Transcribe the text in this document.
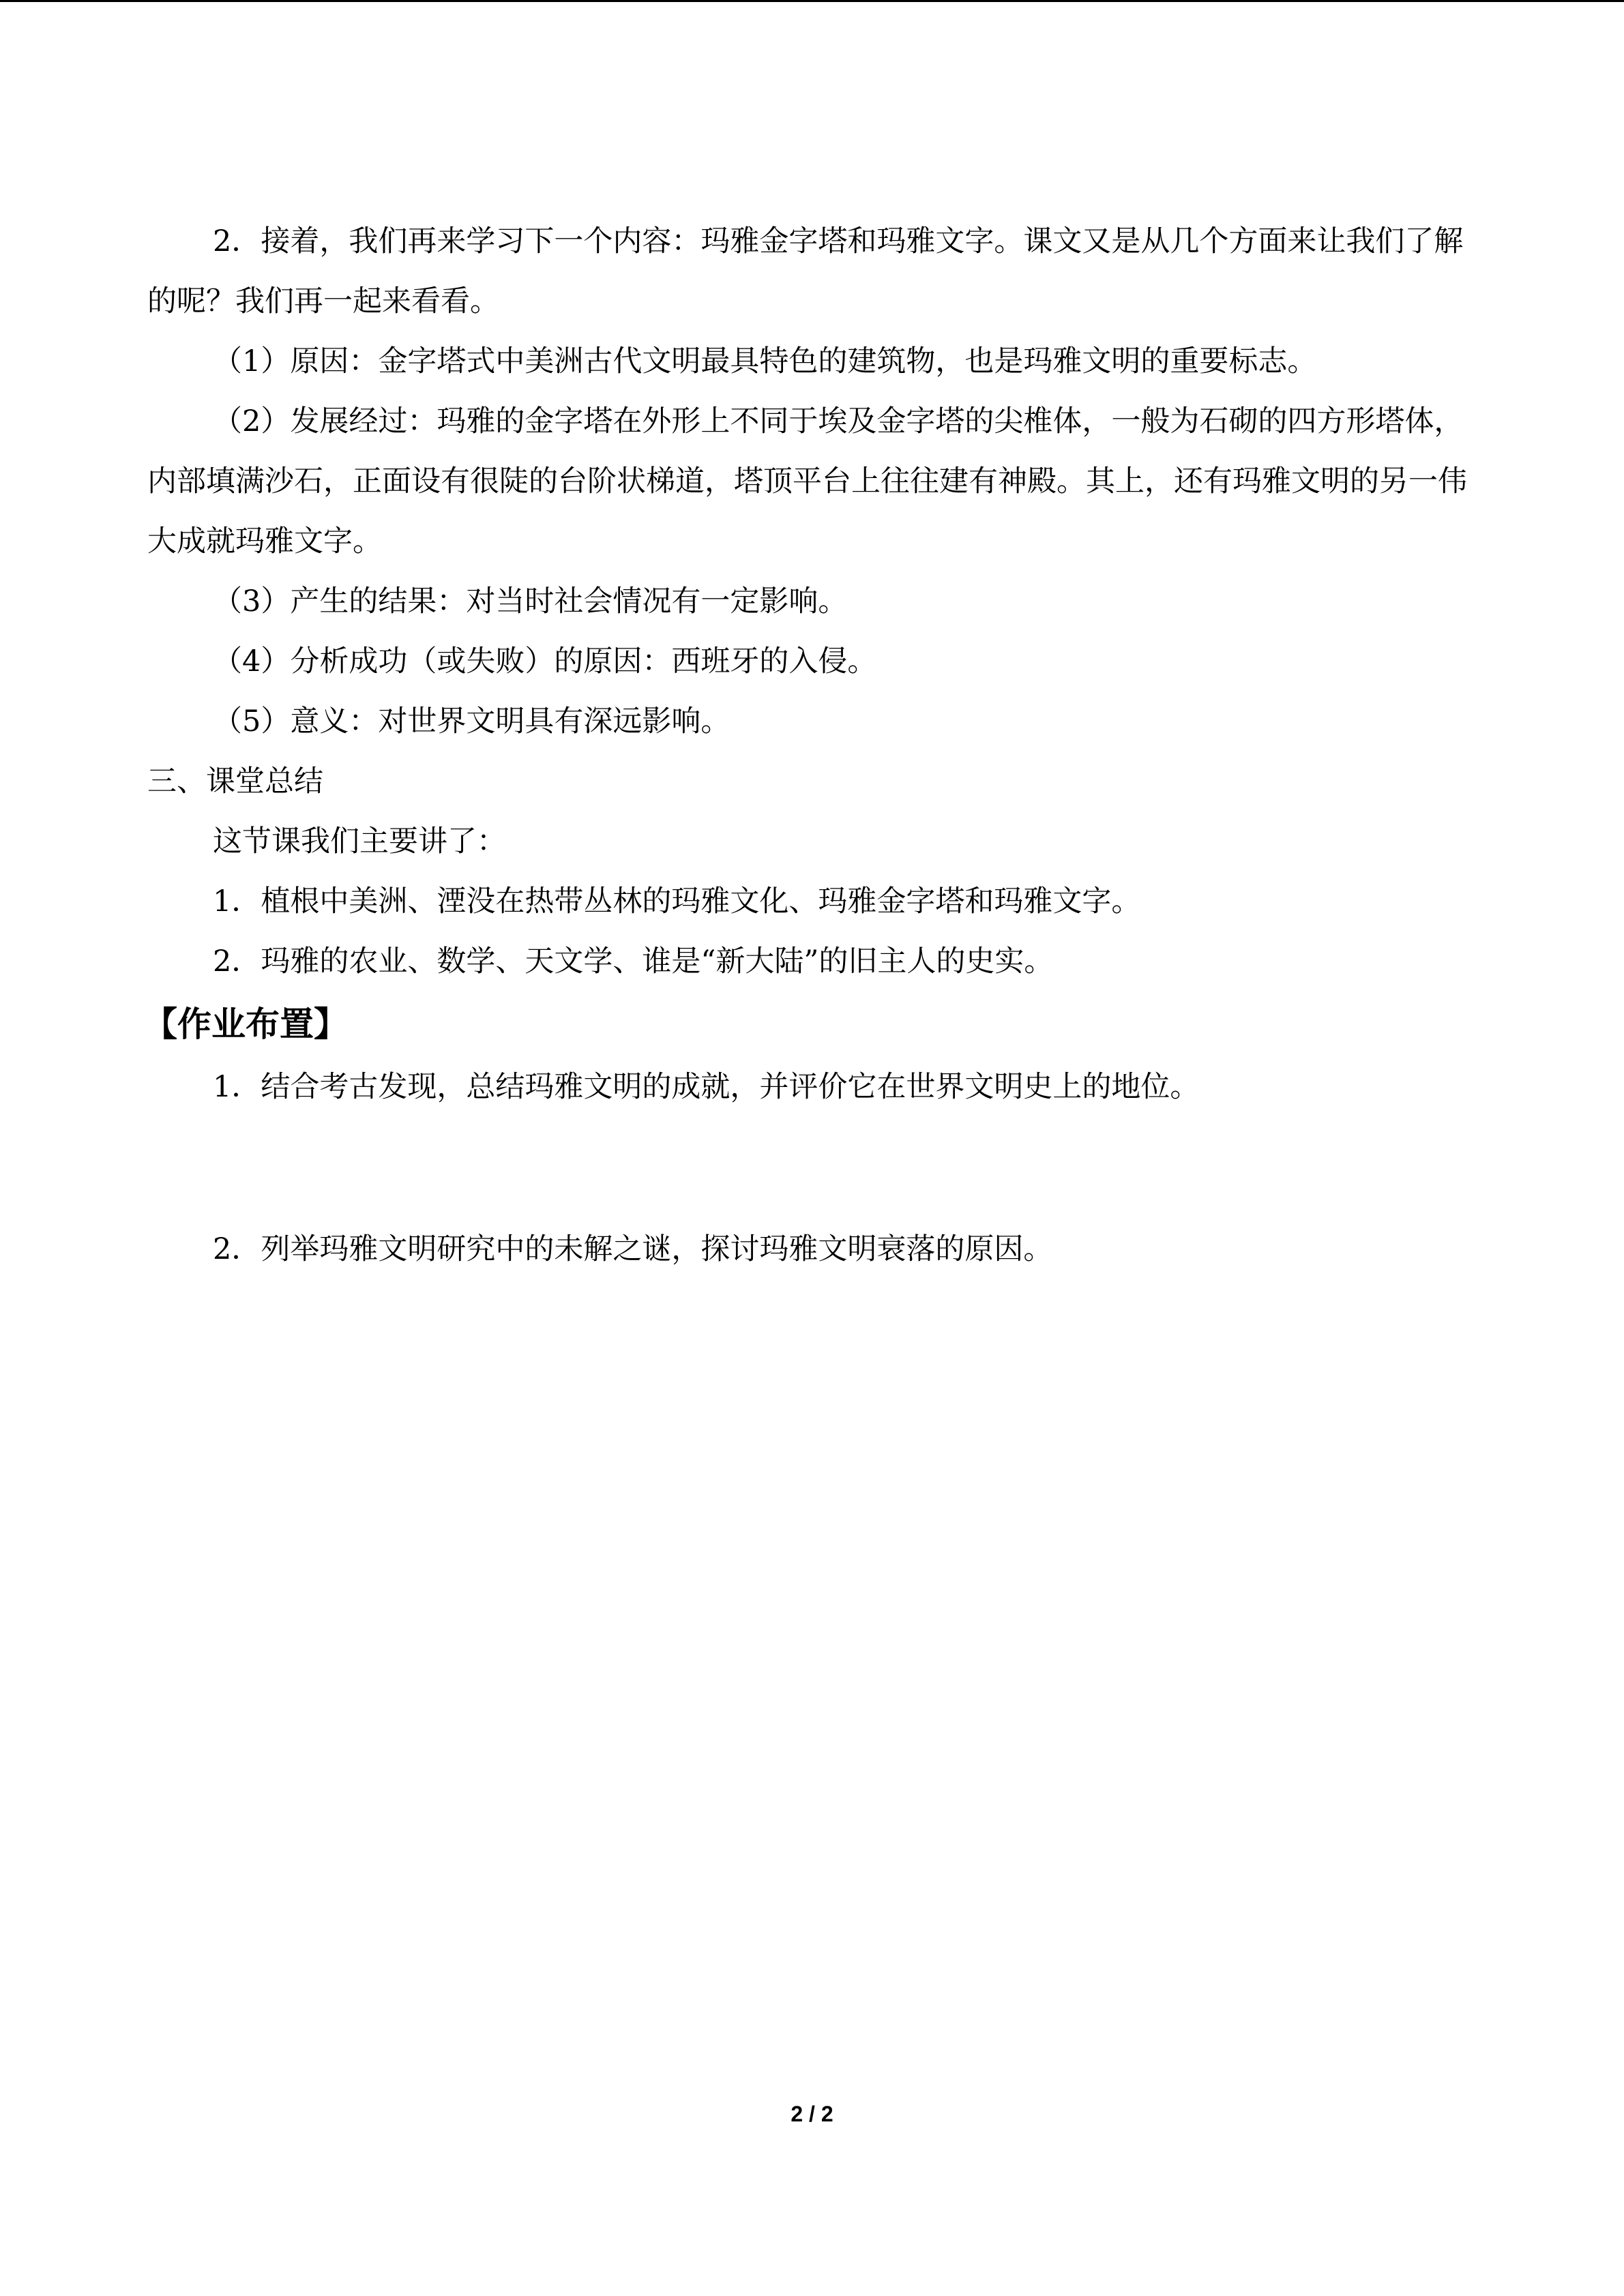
2．接着，我们再来学习下一个内容：玛雅金字塔和玛雅文字。课文又是从几个方面来让我们了解的呢？我们再一起来看看。
（1）原因：金字塔式中美洲古代文明最具特色的建筑物，也是玛雅文明的重要标志。
（2）发展经过：玛雅的金字塔在外形上不同于埃及金字塔的尖椎体，一般为石砌的四方形塔体，内部填满沙石，正面设有很陡的台阶状梯道，塔顶平台上往往建有神殿。其上，还有玛雅文明的另一伟大成就玛雅文字。
（3）产生的结果：对当时社会情况有一定影响。
（4）分析成功（或失败）的原因：西班牙的入侵。
（5）意义：对世界文明具有深远影响。
三、课堂总结
这节课我们主要讲了：
1．植根中美洲、湮没在热带丛林的玛雅文化、玛雅金字塔和玛雅文字。
2．玛雅的农业、数学、天文学、谁是“新大陆”的旧主人的史实。
【作业布置】
1．结合考古发现，总结玛雅文明的成就，并评价它在世界文明史上的地位。
2．列举玛雅文明研究中的未解之谜，探讨玛雅文明衰落的原因。
2 / 2
